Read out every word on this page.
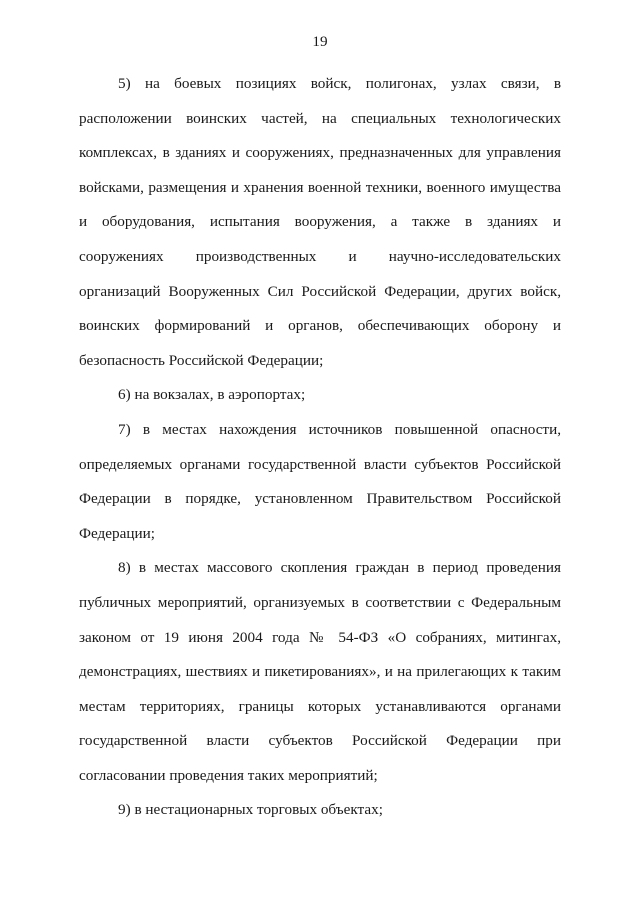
19

5) на боевых позициях войск, полигонах, узлах связи, в расположении воинских частей, на специальных технологических комплексах, в зданиях и сооружениях, предназначенных для управления войсками, размещения и хранения военной техники, военного имущества и оборудования, испытания вооружения, а также в зданиях и сооружениях производственных и научно-исследовательских организаций Вооруженных Сил Российской Федерации, других войск, воинских формирований и органов, обеспечивающих оборону и безопасность Российской Федерации;

6) на вокзалах, в аэропортах;

7) в местах нахождения источников повышенной опасности, определяемых органами государственной власти субъектов Российской Федерации в порядке, установленном Правительством Российской Федерации;

8) в местах массового скопления граждан в период проведения публичных мероприятий, организуемых в соответствии с Федеральным законом от 19 июня 2004 года № 54-ФЗ «О собраниях, митингах, демонстрациях, шествиях и пикетированиях», и на прилегающих к таким местам территориях, границы которых устанавливаются органами государственной власти субъектов Российской Федерации при согласовании проведения таких мероприятий;

9) в нестационарных торговых объектах;
